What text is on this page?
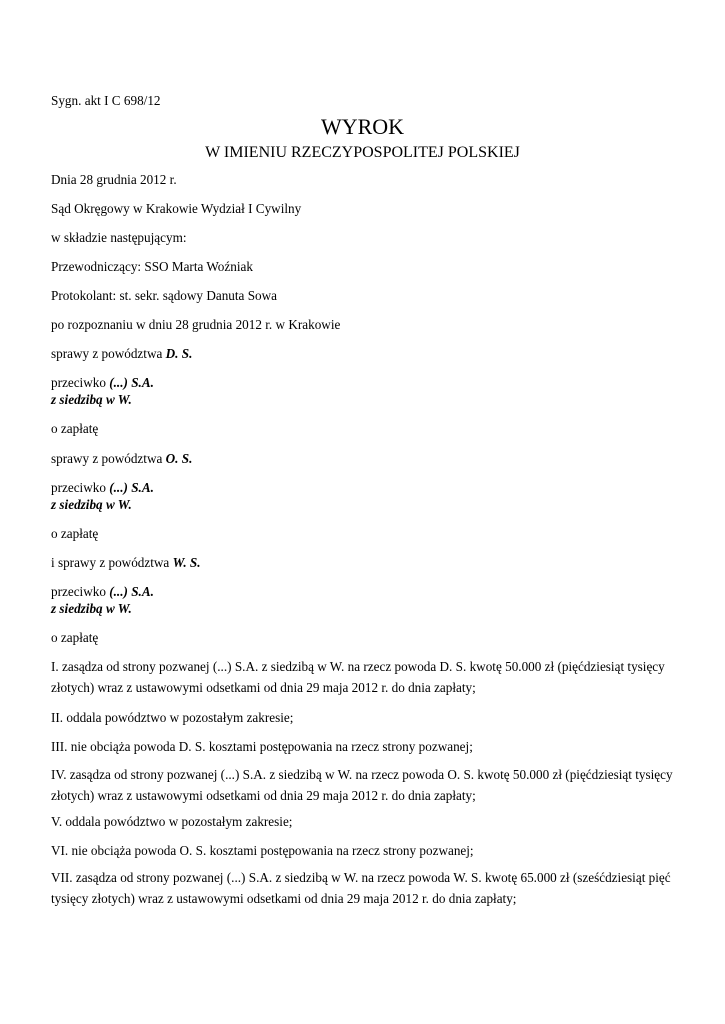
Sygn. akt I C 698/12
WYROK
W IMIENIU RZECZYPOSPOLITEJ POLSKIEJ
Dnia 28 grudnia 2012 r.
Sąd Okręgowy w Krakowie Wydział I Cywilny
w składzie następującym:
Przewodniczący: SSO Marta Woźniak
Protokolant: st. sekr. sądowy Danuta Sowa
po rozpoznaniu w dniu 28 grudnia 2012 r. w Krakowie
sprawy z powództwa D. S.
przeciwko (...) S.A.
z siedzibą w W.
o zapłatę
sprawy z powództwa O. S.
przeciwko (...) S.A.
z siedzibą w W.
o zapłatę
i sprawy z powództwa W. S.
przeciwko (...) S.A.
z siedzibą w W.
o zapłatę
I. zasądza od strony pozwanej (...) S.A. z siedzibą w W. na rzecz powoda D. S. kwotę 50.000 zł (pięćdziesiąt tysięcy złotych) wraz z ustawowymi odsetkami od dnia 29 maja 2012 r. do dnia zapłaty;
II. oddala powództwo w pozostałym zakresie;
III. nie obciąża powoda D. S. kosztami postępowania na rzecz strony pozwanej;
IV. zasądza od strony pozwanej (...) S.A. z siedzibą w W. na rzecz powoda O. S. kwotę 50.000 zł (pięćdziesiąt tysięcy złotych) wraz z ustawowymi odsetkami od dnia 29 maja 2012 r. do dnia zapłaty;
V. oddala powództwo w pozostałym zakresie;
VI. nie obciąża powoda O. S. kosztami postępowania na rzecz strony pozwanej;
VII. zasądza od strony pozwanej (...) S.A. z siedzibą w W. na rzecz powoda W. S. kwotę 65.000 zł (sześćdziesiąt pięć tysięcy złotych) wraz z ustawowymi odsetkami od dnia 29 maja 2012 r. do dnia zapłaty;
